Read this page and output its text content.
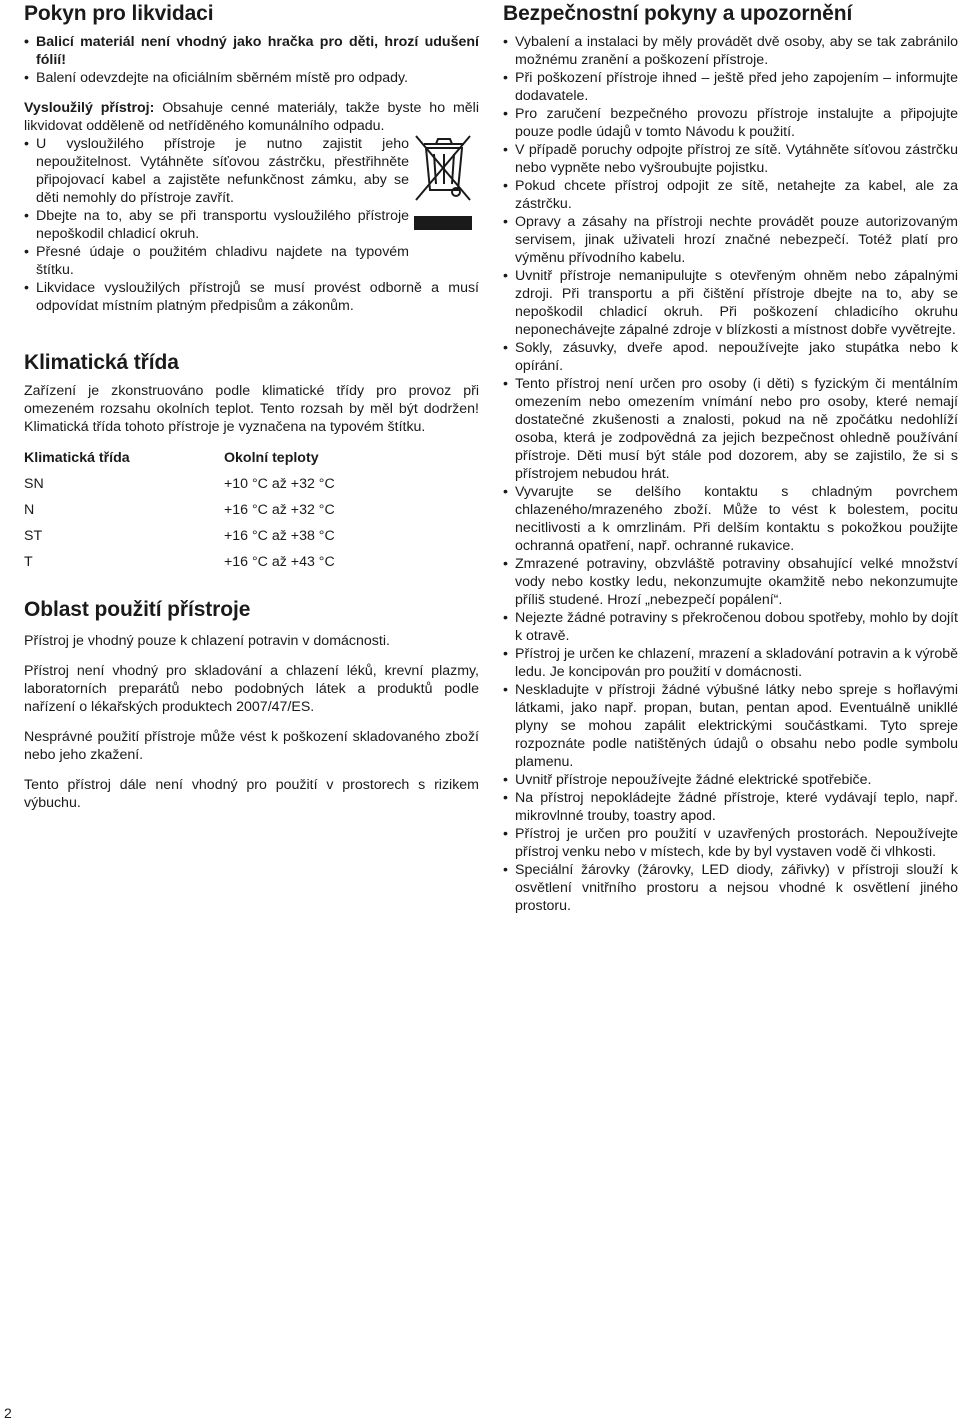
Pokyn pro likvidaci
• Balicí materiál není vhodný jako hračka pro děti, hrozí udušení fólií!
• Balení odevzdejte na oficiálním sběrném místě pro odpady.

Vysloužilý přístroj: Obsahuje cenné materiály, takže byste ho měli likvidovat odděleně od netříděného komunálního odpadu.

• U vysloužilého přístroje je nutno zajistit jeho nepoužitelnost. Vytáhněte síťovou zástrčku, přestřihněte připojovací kabel a zajistěte nefunkčnost zámku, aby se děti nemohly do přístroje zavřít.
• Dbejte na to, aby se při transportu vysloužilého přístroje nepoškodil chladicí okruh.
• Přesné údaje o použitém chladivu najdete na typovém štítku.
• Likvidace vysloužilých přístrojů se musí provést odborně a musí odpovídat místním platným předpisům a zákonům.
Klimatická třída

Zařízení je zkonstruováno podle klimatické třídy pro provoz při omezeném rozsahu okolních teplot. Tento rozsah by měl být dodržen! Klimatická třída tohoto přístroje je vyznačena na typovém štítku.

Klimatická třída	Okolní teploty
SN	+10 °C až +32 °C
N	+16 °C až +32 °C
ST	+16 °C až +38 °C
T	+16 °C až +43 °C
Oblast použití přístroje

Přístroj je vhodný pouze k chlazení potravin v domácnosti.

Přístroj není vhodný pro skladování a chlazení léků, krevní plazmy, laboratorních preparátů nebo podobných látek a produktů podle nařízení o lékařských produktech 2007/47/ES.

Nesprávné použití přístroje může vést k poškození skladovaného zboží nebo jeho zkažení.

Tento přístroj dále není vhodný pro použití v prostorech s rizikem výbuchu.

Bezpečnostní pokyny a upozornění
• Vybalení a instalaci by měly provádět dvě osoby, aby se tak zabránilo možnému zranění a poškození přístroje.
• Při poškození přístroje ihned – ještě před jeho zapojením – informujte dodavatele.
• Pro zaručení bezpečného provozu přístroje instalujte a připojujte pouze podle údajů v tomto Návodu k použití.
• V případě poruchy odpojte přístroj ze sítě. Vytáhněte síťovou zástrčku nebo vypněte nebo vyšroubujte pojistku.
• Pokud chcete přístroj odpojit ze sítě, netahejte za kabel, ale za zástrčku.
• Opravy a zásahy na přístroji nechte provádět pouze autorizovaným servisem, jinak uživateli hrozí značné nebezpečí. Totéž platí pro výměnu přívodního kabelu.
• Uvnitř přístroje nemanipulujte s otevřeným ohněm nebo zápalnými zdroji. Při transportu a při čištění přístroje dbejte na to, aby se nepoškodil chladicí okruh. Při poškození chladicího okruhu neponechávejte zápalné zdroje v blízkosti a místnost dobře vyvětrejte.
• Sokly, zásuvky, dveře apod. nepoužívejte jako stupátka nebo k opírání.
• Tento přístroj není určen pro osoby (i děti) s fyzickým či mentálním omezením nebo omezením vnímání nebo pro osoby, které nemají dostatečné zkušenosti a znalosti, pokud na ně zpočátku nedohlíží osoba, která je zodpovědná za jejich bezpečnost ohledně používání přístroje. Děti musí být stále pod dozorem, aby se zajistilo, že si s přístrojem nebudou hrát.
• Vyvarujte se delšího kontaktu s chladným povrchem chlazeného/mrazeného zboží. Může to vést k bolestem, pocitu necitlivosti a k omrzlinám. Při delším kontaktu s pokožkou použijte ochranná opatření, např. ochranné rukavice.
• Zmrazené potraviny, obzvláště potraviny obsahující velké množství vody nebo kostky ledu, nekonzumujte okamžitě nebo nekonzumujte příliš studené. Hrozí „nebezpečí popálení“.
• Nejezte žádné potraviny s překročenou dobou spotřeby, mohlo by dojít k otravě.
• Přístroj je určen ke chlazení, mrazení a skladování potravin a k výrobě ledu. Je koncipován pro použití v domácnosti.
• Neskladujte v přístroji žádné výbušné látky nebo spreje s hořlavými látkami, jako např. propan, butan, pentan apod. Eventuálně unikllé plyny se mohou zapálit elektrickými součástkami. Tyto spreje rozpoznáte podle natištěných údajů o obsahu nebo podle symbolu plamenu.
• Uvnitř přístroje nepoužívejte žádné elektrické spotřebiče.
• Na přístroj nepokládejte žádné přístroje, které vydávají teplo, např. mikrovlnné trouby, toastry apod.
• Přístroj je určen pro použití v uzavřených prostorách. Nepoužívejte přístroj venku nebo v místech, kde by byl vystaven vodě či vlhkosti.
• Speciální žárovky (žárovky, LED diody, zářivky) v přístroji slouží k osvětlení vnitřního prostoru a nejsou vhodné k osvětlení jiného prostoru.
2
